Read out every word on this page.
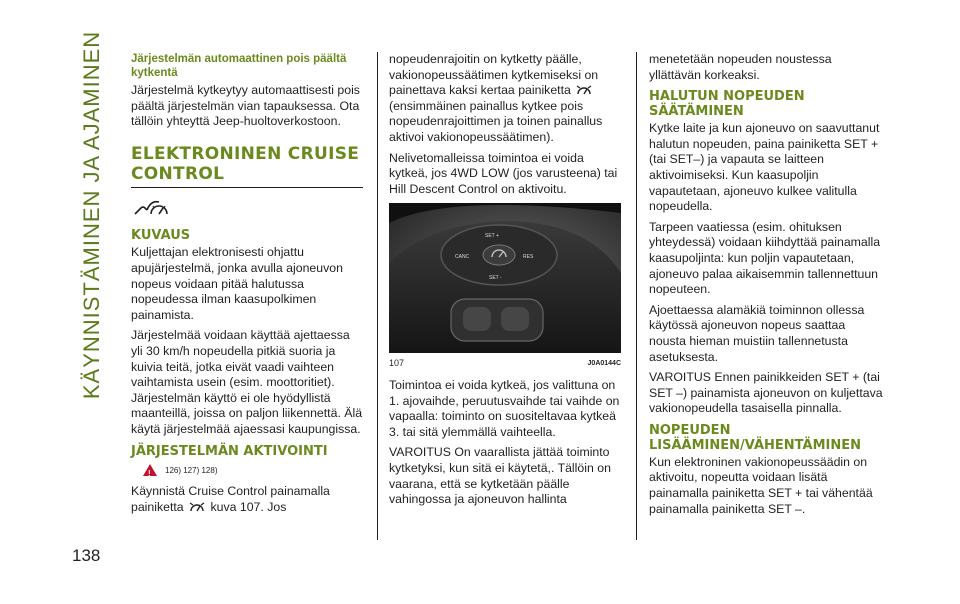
KÄYNNISTÄMINEN JA AJAMINEN
138
Järjestelmän automaattinen pois päältä kytkentä

Järjestelmä kytkeytyy automaattisesti pois päältä järjestelmän vian tapauksessa. Ota tällöin yhteyttä Jeep-huoltoverkostoon.

ELEKTRONINEN CRUISE CONTROL
KUVAUS

Kuljettajan elektronisesti ohjattu apujärjestelmä, jonka avulla ajoneuvon nopeus voidaan pitää halutussa nopeudessa ilman kaasupolkimen painamista.

Järjestelmää voidaan käyttää ajettaessa yli 30 km/h nopeudella pitkiä suoria ja kuivia teitä, jotka eivät vaadi vaihteen vaihtamista usein (esim. moottoritiet). Järjestelmän käyttö ei ole hyödyllistä maanteillä, joissa on paljon liikennettä. Älä käytä järjestelmää ajaessasi kaupungissa.

JÄRJESTELMÄN AKTIVOINTI
!
126) 127) 128)

Käynnistä Cruise Control painamalla painiketta kuva 107. Jos

nopeudenrajoitin on kytketty päälle, vakionopeussäätimen kytkemiseksi on painettava kaksi kertaa painiketta  (ensimmäinen painallus kytkee pois nopeudenrajoittimen ja toinen painallus aktivoi vakionopeussäätimen).

Nelivetomalleissa toimintoa ei voida kytkeä, jos 4WD LOW (jos varusteena) tai Hill Descent Control on aktivoitu.

SET +
CANC	RES
SET -
107	J0A0144C

Toimintoa ei voida kytkeä, jos valittuna on 1. ajovaihde, peruutusvaihde tai vaihde on vapaalla: toiminto on suositeltavaa kytkeä 3. tai sitä ylemmällä vaihteella.

VAROITUS On vaarallista jättää toiminto kytketyksi, kun sitä ei käytetä,. Tällöin on vaarana, että se kytketään päälle vahingossa ja ajoneuvon hallinta

menetetään nopeuden noustessa yllättävän korkeaksi.

HALUTUN NOPEUDEN SÄÄTÄMINEN

Kytke laite ja kun ajoneuvo on saavuttanut halutun nopeuden, paina painiketta SET + (tai SET–) ja vapauta se laitteen aktivoimiseksi. Kun kaasupoljin vapautetaan, ajoneuvo kulkee valitulla nopeudella.

Tarpeen vaatiessa (esim. ohituksen yhteydessä) voidaan kiihdyttää painamalla kaasupoljinta: kun poljin vapautetaan, ajoneuvo palaa aikaisemmin tallennettuun nopeuteen.

Ajoettaessa alamäkiä toiminnon ollessa käytössä ajoneuvon nopeus saattaa nousta hieman muistiin tallennetusta asetuksesta.

VAROITUS Ennen painikkeiden SET + (tai SET –) painamista ajoneuvon on kuljettava vakionopeudella tasaisella pinnalla.

NOPEUDEN LISÄÄMINEN/VÄHENTÄMINEN

Kun elektroninen vakionopeussäädin on aktivoitu, nopeutta voidaan lisätä painamalla painiketta SET + tai vähentää painamalla painiketta SET –.
